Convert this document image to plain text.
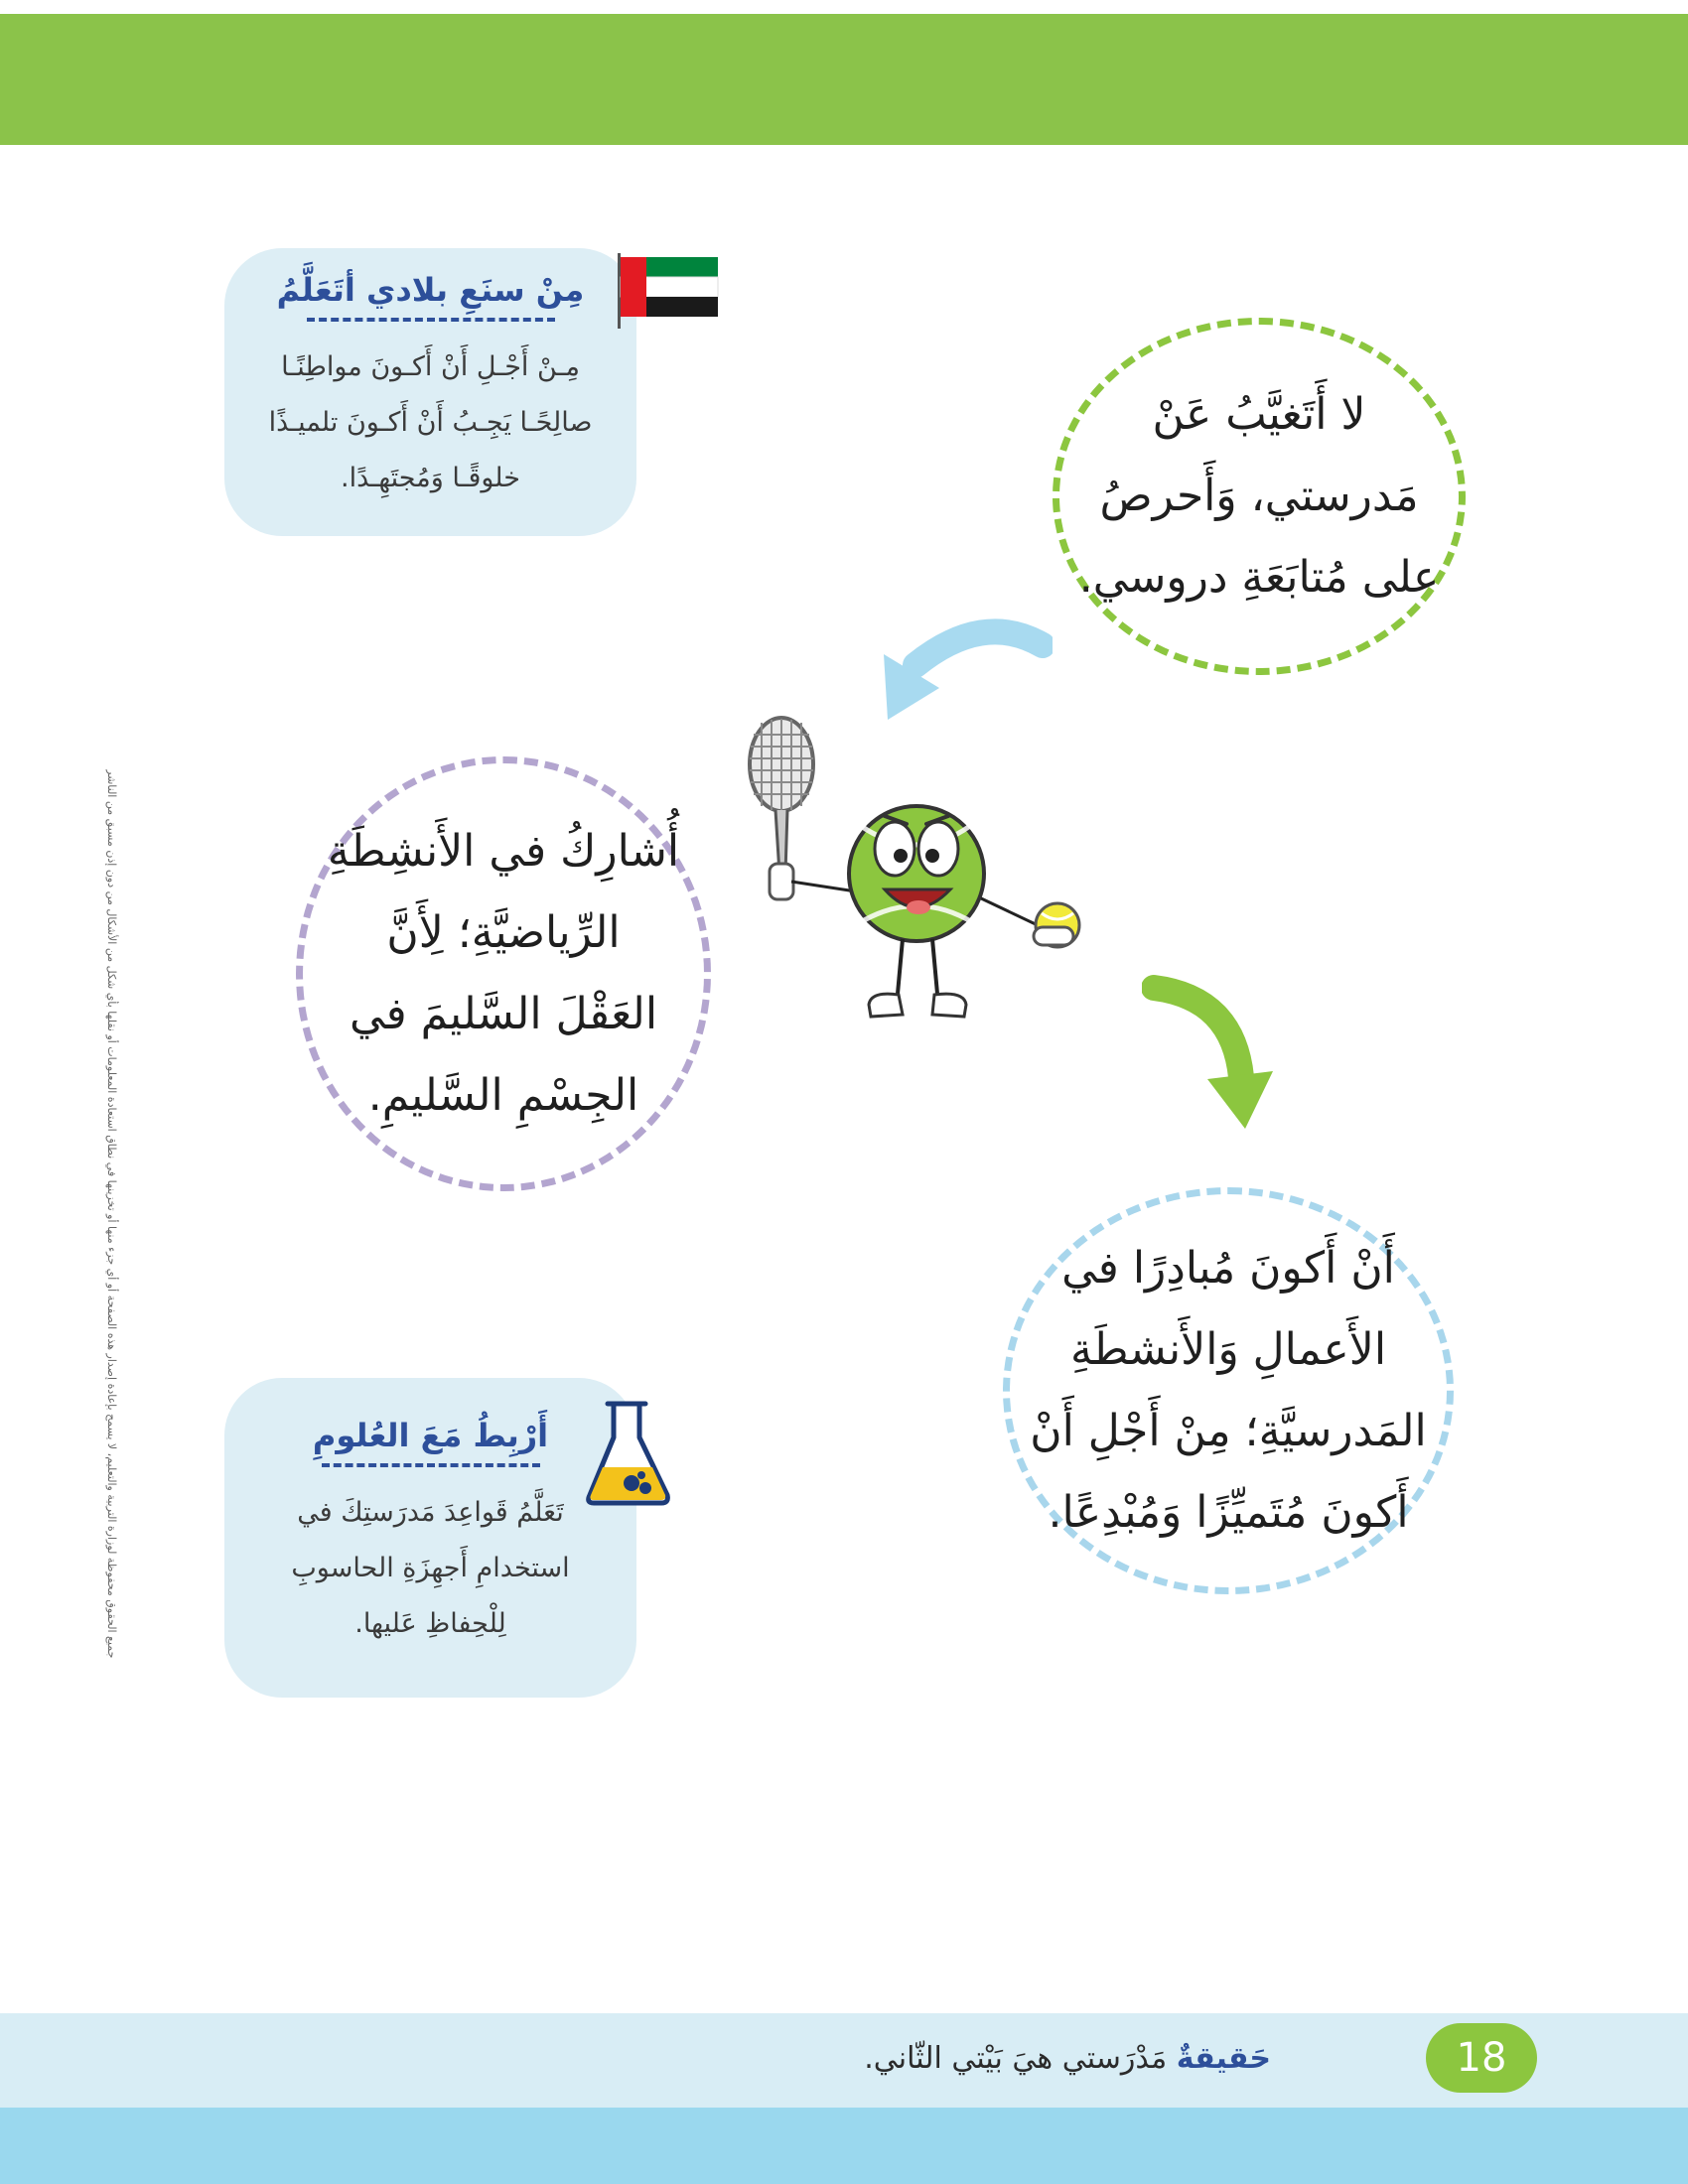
مِنْ سنَعِ بلادي أتَعَلَّمُ
مِـنْ أَجْـلِ أَنْ أَكـونَ مواطِنًـا
صالِحًـا يَجِـبُ أَنْ أَكـونَ تلميـذًا
خلوقًـا وَمُجتَهِـدًا.
أَرْبِطُ مَعَ العُلومِ
تَعَلَّمُ قَواعِدَ مَدرَستِكَ في
استخدامِ أَجهِزَةِ الحاسوبِ
لِلْحِفاظِ عَليها.
لا أَتَغيَّبُ عَنْ
مَدرستي، وَأَحرصُ
على مُتابَعَةِ دروسي.
أُشارِكُ في الأَنشِطَةِ
الرِّياضيَّةِ؛ لِأَنَّ
العَقْلَ السَّليمَ في
الجِسْمِ السَّليمِ.
أَنْ أَكونَ مُبادِرًا في
الأَعمالِ وَالأَنشطَةِ
المَدرسيَّةِ؛ مِنْ أَجْلِ أَنْ
أَكونَ مُتَميِّزًا وَمُبْدِعًا.
جميع الحقوق محفوظة لوزارة التربية والتعليم، لا يسمح بإعادة إصدار هذه الصفحة أو أي جزء منها أو تخزينها في نطاق استعادة المعلومات أو نقلها بأي شكل من الأشكال من دون إذن مسبق من الناشر
حَقيقةٌ مَدْرَستي هيَ بَيْتي الثّاني.	18
